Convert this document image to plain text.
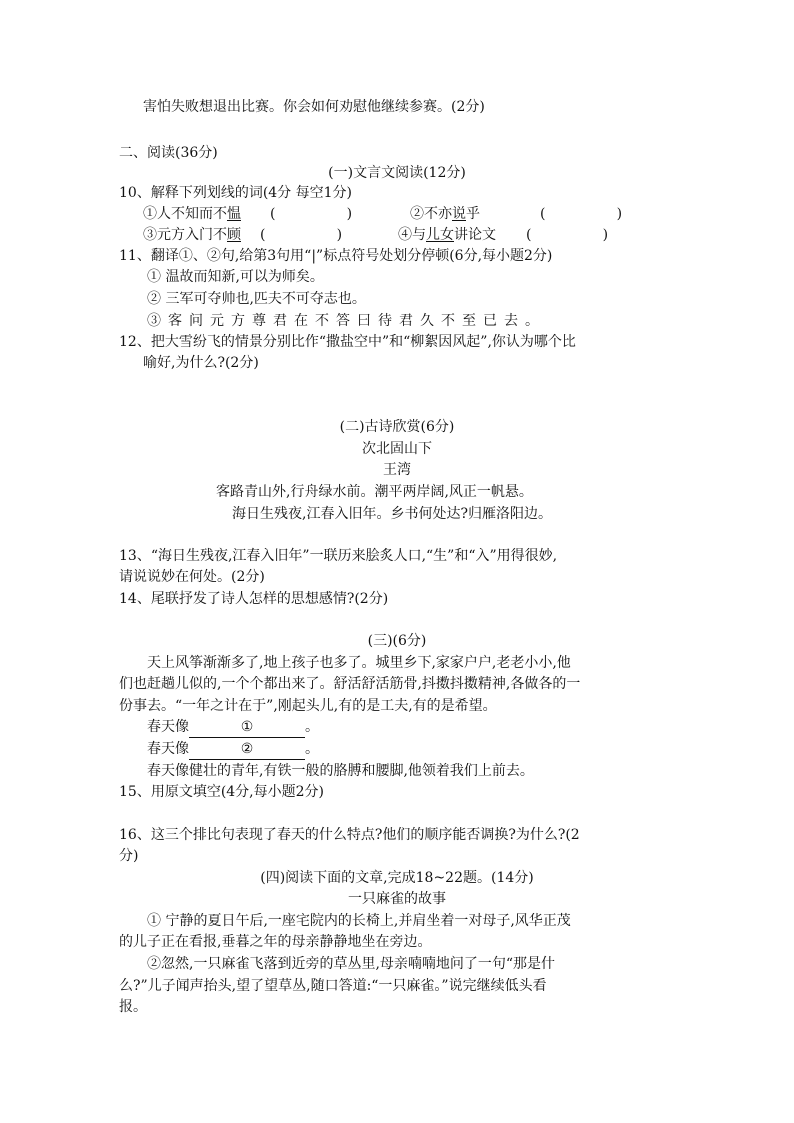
害怕失败想退出比赛。你会如何劝慰他继续参赛。(2分)
二、阅读(36分)
(一)文言文阅读(12分)
10、解释下列划线的词(4分 每空1分)
①人不知而不愠 (                )	②不亦说乎	(                )
③元方入门不顾 (                )	④与儿女讲论文 (                )
11、翻译①、②句,给第3句用“|”标点符号处划分停顿(6分,每小题2分)
① 温故而知新,可以为师矣。
② 三军可夺帅也,匹夫不可夺志也。
③客问元方尊君在不答曰待君久不至已去。
12、把大雪纷飞的情景分别比作“撒盐空中”和“柳絮因风起”,你认为哪个比
喻好,为什么?(2分)
(二)古诗欣赏(6分)
次北固山下
王湾
客路青山外,行舟绿水前。潮平两岸阔,风正一帆悬。
海日生残夜,江春入旧年。乡书何处达?归雁洛阳边。
13、“海日生残夜,江春入旧年”一联历来脍炙人口,“生”和“入”用得很妙,
请说说妙在何处。(2分)
14、尾联抒发了诗人怎样的思想感情?(2分)
(三)(6分)
天上风筝渐渐多了,地上孩子也多了。城里乡下,家家户户,老老小小,他
们也赶趟儿似的,一个个都出来了。舒活舒活筋骨,抖擞抖擞精神,各做各的一
份事去。“一年之计在于”,刚起头儿,有的是工夫,有的是希望。
春天像	①	。
春天像	②	。
春天像健壮的青年,有铁一般的胳膊和腰脚,他领着我们上前去。
15、用原文填空(4分,每小题2分)
16、这三个排比句表现了春天的什么特点?他们的顺序能否调换?为什么?(2
分)
(四)阅读下面的文章,完成18~22题。(14分)
一只麻雀的故事
① 宁静的夏日午后,一座宅院内的长椅上,并肩坐着一对母子,风华正茂
的儿子正在看报,垂暮之年的母亲静静地坐在旁边。
②忽然,一只麻雀飞落到近旁的草丛里,母亲喃喃地问了一句“那是什
么?”儿子闻声抬头,望了望草丛,随口答道:“一只麻雀。”说完继续低头看
报。
